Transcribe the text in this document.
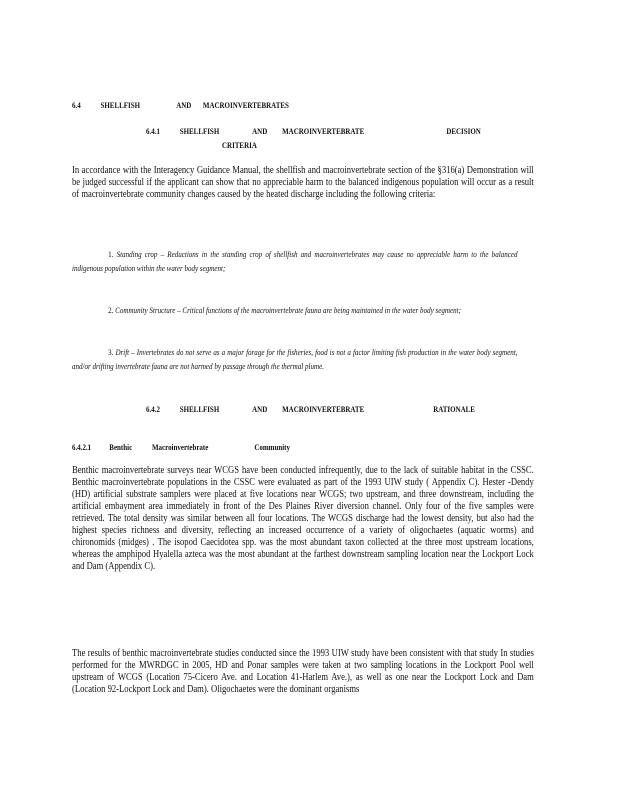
6.4 SHELLFISH	AND MACROINVERTEBRATES
6.4.1 SHELLFISH	AND MACROINVERTEBRATE	DECISION
CRITERIA

In accordance with the Interagency Guidance Manual, the shellfish and macroinvertebrate section of the §316(a) Demonstration will be judged successful if the applicant can show that no appreciable harm to the balanced indigenous population will occur as a result of macroinvertebrate community changes caused by the heated discharge including the following criteria:

1. Standing crop – Reductions in the standing crop of shellfish and macroinvertebrates may cause no appreciable harm to the balanced indigenous population within the water body segment;

2. Community Structure – Critical functions of the macroinvertebrate fauna are being maintained in the water body segment;

3. Drift – Invertebrates do not serve as a major forage for the fisheries, food is not a factor limiting fish production in the water body segment, and/or drifting invertebrate fauna are not harmed by passage through the thermal plume.

6.4.2 SHELLFISH	AND MACROINVERTEBRATE	RATIONALE
6.4.2.1 Benthic Macroinvertebrate	Community

Benthic macroinvertebrate surveys near WCGS have been conducted infrequently, due to the lack of suitable habitat in the CSSC. Benthic macroinvertebrate populations in the CSSC were evaluated as part of the 1993 UIW study ( Appendix C). Hester -Dendy (HD) artificial substrate samplers were placed at five locations near WCGS; two upstream, and three downstream, including the artificial embayment area immediately in front of the Des Plaines River diversion channel. Only four of the five samples were retrieved. The total density was similar between all four locations. The WCGS discharge had the lowest density, but also had the highest species richness and diversity, reflecting an increased occurrence of a variety of oligochaetes (aquatic worms) and chironomids (midges) . The isopod Caecidotea spp. was the most abundant taxon collected at the three most upstream locations, whereas the amphipod Hyalella azteca was the most abundant at the farthest downstream sampling location near the Lockport Lock and Dam (Appendix C).

The results of benthic macroinvertebrate studies conducted since the 1993 UIW study have been consistent with that study In studies performed for the MWRDGC in 2005, HD and Ponar samples were taken at two sampling locations in the Lockport Pool well upstream of WCGS (Location 75-Cicero Ave. and Location 41-Harlem Ave.), as well as one near the Lockport Lock and Dam (Location 92-Lockport Lock and Dam). Oligochaetes were the dominant organisms
